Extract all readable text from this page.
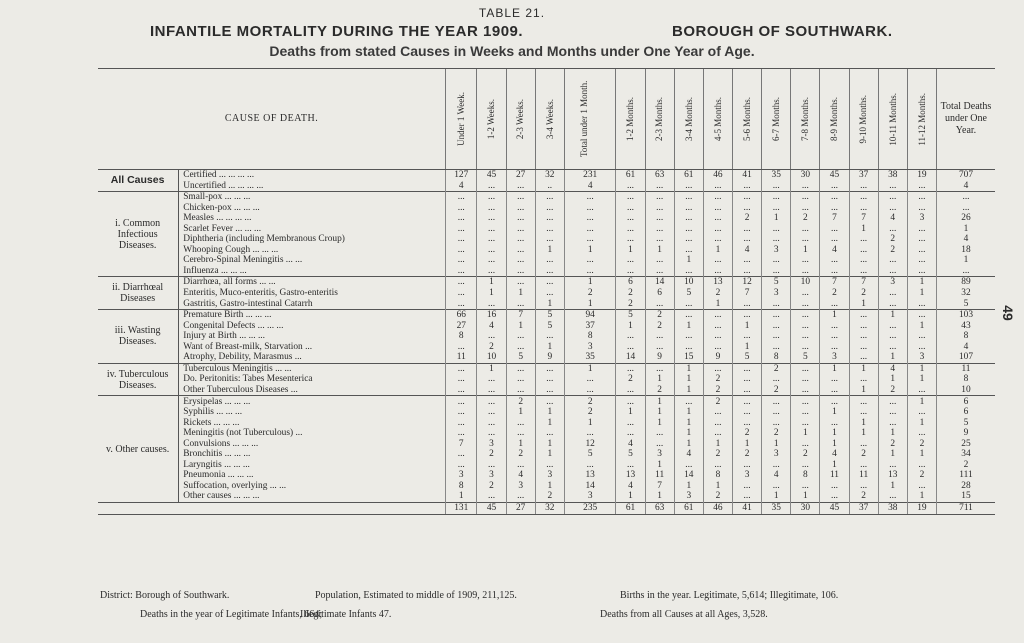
TABLE 21.
INFANTILE MORTALITY DURING THE YEAR 1909.	BOROUGH OF SOUTHWARK.
Deaths from stated Causes in Weeks and Months under One Year of Age.
49
CAUSE OF DEATH.		Under 1 Week.	1-2 Weeks.	2-3 Weeks.	3-4 Weeks.	Total under 1 Month.	1-2 Months.	2-3 Months.	3-4 Months.	4-5 Months.	5-6 Months.	6-7 Months.	7-8 Months.	8-9 Months.	9-10 Months.	10-11 Months.	11-12 Months.	Total Deaths under One Year.

All Causes	Certified ... ... ... ...	127	45	27	32	231	61	63	61	46	41	35	30	45	37	38	19	707
	Uncertified ... ... ... ...	4	...	...	..	4	...	...	...	...	...	...	...	...	...	...	...	4
i. Common Infectious Diseases.	Small-pox ... ... ...	...	...	...	...	...	...	...	...	...	...	...	...	...	...	...	...	...
	Chicken-pox ... ... ...	...	...	...	...	...	...	...	...	...	...	...	...	...	...	...	...	...
	Measles ... ... ... ...	...	...	...	...	...	...	...	...	...	2	1	2	7	7	4	3	26
	Scarlet Fever ... ... ...	...	...	...	...	...	...	...	...	...	...	...	...	...	1	...	...	1
	Diphtheria (including Membranous Croup)	...	...	...	...	...	...	...	...	...	...	...	...	...	...	2	...	4
	Whooping Cough ... ... ...	...	...	...	1	1	1	1	...	1	4	3	1	4	...	2	...	18
	Cerebro-Spinal Meningitis ... ...	...	...	...	...	...	...	...	1	...	...	...	...	...	...	...	...	1
	Influenza ... ... ...	...	...	...	...	...	...	...	...	...	...	...	...	...	...	...	...	...
ii. Diarrhœal Diseases	Diarrhœa, all forms ... ...	...	1	...	...	1	6	14	10	13	12	5	10	7	7	3	1	89
	Enteritis, Muco-enteritis, Gastro-enteritis	...	1	1	...	2	2	6	5	2	7	3	...	2	2	...	1	32
	Gastritis, Gastro-intestinal Catarrh	...	...	...	1	1	2	...	...	1	...	...	...	...	1	...	...	5
iii. Wasting Diseases.	Premature Birth ... ... ...	66	16	7	5	94	5	2	...	...	...	...	...	1	...	1	...	103
	Congenital Defects ... ... ...	27	4	1	5	37	1	2	1	...	1	...	...	...	...	...	1	43
	Injury at Birth ... ... ...	8	...	...	...	8	...	...	...	...	...	...	...	...	...	...	...	8
	Want of Breast-milk, Starvation ...	...	2	...	1	3	...	...	...	...	1	...	...	...	...	...	...	4
	Atrophy, Debility, Marasmus ...	11	10	5	9	35	14	9	15	9	5	8	5	3	...	1	3	107
iv. Tuberculous Diseases.	Tuberculous Meningitis ... ...	...	1	...	...	1	...	...	1	...	...	2	...	1	1	4	1	11
	Do. Peritonitis: Tabes Mesenterica	...	...	...	...	...	2	1	1	2	...	...	...	...	...	1	1	8
	Other Tuberculous Diseases ...	...	...	...	...	...	...	2	1	2	...	2	...	...	1	2	...	10
v. Other causes.	Erysipelas ... ... ...	...	...	2	...	2	...	1	...	2	...	...	...	...	...	...	1	6
	Syphilis ... ... ...	...	...	1	1	2	1	1	1	...	...	...	...	1	...	...	...	6
	Rickets ... ... ...	...	...	...	1	1	...	1	1	...	...	...	...	...	1	...	1	5
	Meningitis (not Tuberculous) ...	...	...	...	...	...	...	...	1	...	2	2	1	1	1	1	...	9
	Convulsions ... ... ...	7	3	1	1	12	4	...	1	1	1	1	...	1	...	2	2	25
	Bronchitis ... ... ...	...	2	2	1	5	5	3	4	2	2	3	2	4	2	1	1	34
	Laryngitis ... ... ...	...	...	...	...	...	...	1	...	...	...	...	...	1	...	...	...	2
	Pneumonia ... ... ...	3	3	4	3	13	13	11	14	8	3	4	8	11	11	13	2	111
	Suffocation, overlying ... ...	8	2	3	1	14	4	7	1	1	...	...	...	...	...	1	...	28
	Other causes ... ... ...	1	...	...	2	3	1	1	3	2	...	1	1	...	2	...	1	15
		131	45	27	32	235	61	63	61	46	41	35	30	45	37	38	19	711
District: Borough of Southwark.	Population, Estimated to middle of 1909, 211,125.	Births in the year. Legitimate, 5,614; Illegitimate, 106.
Deaths in the year of Legitimate Infants, 664;
Illegitimate Infants 47.	Deaths from all Causes at all Ages, 3,528.
